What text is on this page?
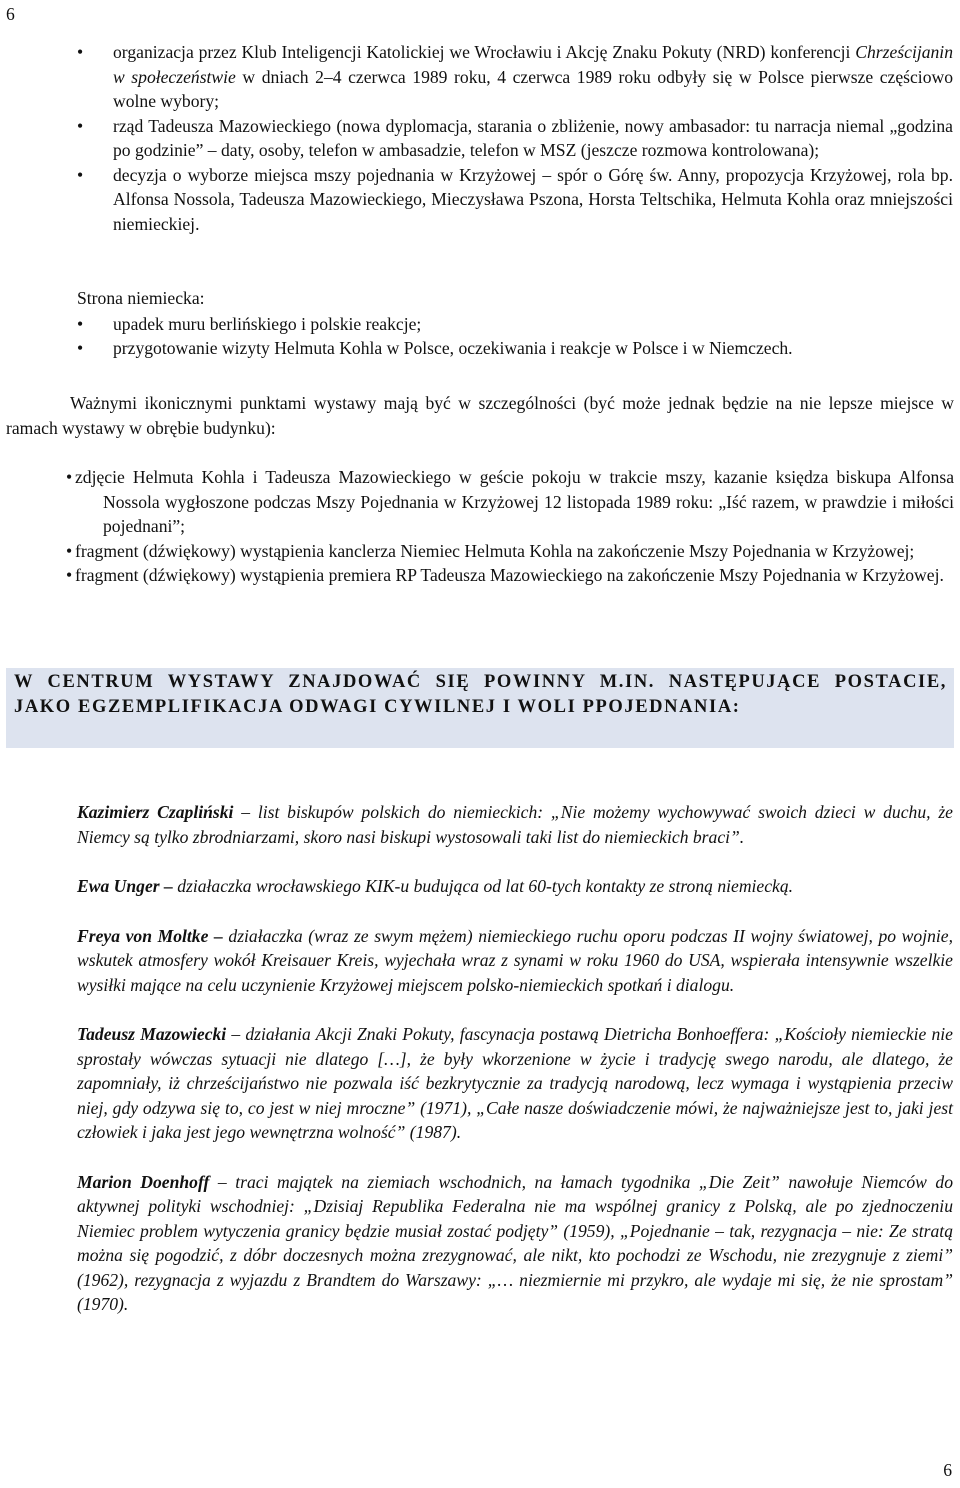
6
• organizacja przez Klub Inteligencji Katolickiej we Wrocławiu i Akcję Znaku Pokuty (NRD) konferencji Chrześcijanin w społeczeństwie w dniach 2–4 czerwca 1989 roku, 4 czerwca 1989 roku odbyły się w Polsce pierwsze częściowo wolne wybory;
• rząd Tadeusza Mazowieckiego (nowa dyplomacja, starania o zbliżenie, nowy ambasador: tu narracja niemal „godzina po godzinie” – daty, osoby, telefon w ambasadzie, telefon w MSZ (jeszcze rozmowa kontrolowana);
• decyzja o wyborze miejsca mszy pojednania w Krzyżowej – spór o Górę św. Anny, propozycja Krzyżowej, rola bp. Alfonsa Nossola, Tadeusza Mazowieckiego, Mieczysława Pszona, Horsta Teltschika, Helmuta Kohla oraz mniejszości niemieckiej.
Strona niemiecka:
• upadek muru berlińskiego i polskie reakcje;
• przygotowanie wizyty Helmuta Kohla w Polsce, oczekiwania i reakcje w Polsce i w Niemczech.

Ważnymi ikonicznymi punktami wystawy mają być w szczególności (być może jednak będzie na nie lepsze miejsce w ramach wystawy w obrębie budynku):

• zdjęcie Helmuta Kohla i Tadeusza Mazowieckiego w geście pokoju w trakcie mszy, kazanie księdza biskupa Alfonsa Nossola wygłoszone podczas Mszy Pojednania w Krzyżowej 12 listopada 1989 roku: „Iść razem, w prawdzie i miłości pojednani”;
• fragment (dźwiękowy) wystąpienia kanclerza Niemiec Helmuta Kohla na zakończenie Mszy Pojednania w Krzyżowej;
• fragment (dźwiękowy) wystąpienia premiera RP Tadeusza Mazowieckiego na zakończenie Mszy Pojednania w Krzyżowej.
W CENTRUM WYSTAWY ZNAJDOWAĆ SIĘ POWINNY M.IN. NASTĘPUJĄCE POSTACIE, JAKO EGZEMPLIFIKACJA ODWAGI CYWILNEJ I WOLI PPOJEDNANIA:

Kazimierz Czapliński – list biskupów polskich do niemieckich: „Nie możemy wychowywać swoich dzieci w duchu, że Niemcy są tylko zbrodniarzami, skoro nasi biskupi wystosowali taki list do niemieckich braci”.

Ewa Unger – działaczka wrocławskiego KIK-u budująca od lat 60-tych kontakty ze stroną niemiecką.

Freya von Moltke – działaczka (wraz ze swym mężem) niemieckiego ruchu oporu podczas II wojny światowej, po wojnie, wskutek atmosfery wokół Kreisauer Kreis, wyjechała wraz z synami w roku 1960 do USA, wspierała intensywnie wszelkie wysiłki mające na celu uczynienie Krzyżowej miejscem polsko-niemieckich spotkań i dialogu.

Tadeusz Mazowiecki – działania Akcji Znaki Pokuty, fascynacja postawą Dietricha Bonhoeffera: „Kościoły niemieckie nie sprostały wówczas sytuacji nie dlatego […], że były wkorzenione w życie i tradycję swego narodu, ale dlatego, że zapomniały, iż chrześcijaństwo nie pozwala iść bezkrytycznie za tradycją narodową, lecz wymaga i wystąpienia przeciw niej, gdy odzywa się to, co jest w niej mroczne” (1971), „Całe nasze doświadczenie mówi, że najważniejsze jest to, jaki jest człowiek i jaka jest jego wewnętrzna wolność” (1987).

Marion Doenhoff – traci majątek na ziemiach wschodnich, na łamach tygodnika „Die Zeit” nawołuje Niemców do aktywnej polityki wschodniej: „Dzisiaj Republika Federalna nie ma wspólnej granicy z Polską, ale po zjednoczeniu Niemiec problem wytyczenia granicy będzie musiał zostać podjęty” (1959), „Pojednanie – tak, rezygnacja – nie: Ze stratą można się pogodzić, z dóbr doczesnych można zrezygnować, ale nikt, kto pochodzi ze Wschodu, nie zrezygnuje z ziemi” (1962), rezygnacja z wyjazdu z Brandtem do Warszawy: „… niezmiernie mi przykro, ale wydaje mi się, że nie sprostam” (1970).

6
